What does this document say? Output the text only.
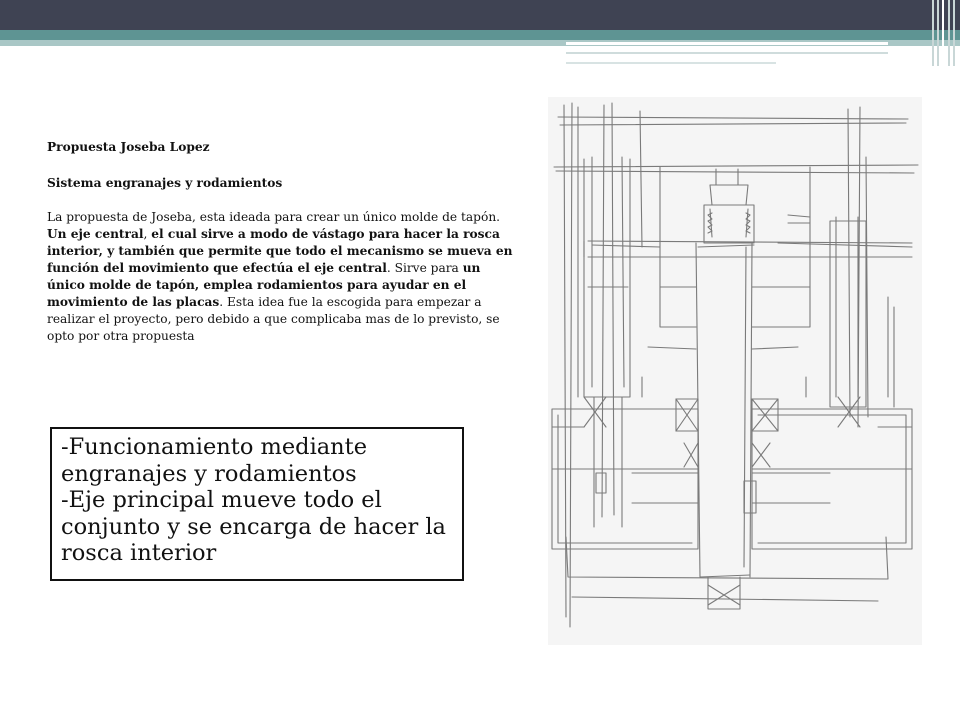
Propuesta Joseba Lopez

Sistema engranajes y rodamientos

La propuesta de Joseba, esta ideada para crear un único molde de tapón. Un eje central, el cual sirve a modo de vástago para hacer la rosca interior, y también que permite que todo el mecanismo se mueva en función del movimiento que efectúa el eje central. Sirve para un único molde de tapón, emplea rodamientos para ayudar en el movimiento de las placas. Esta idea fue la escogida para empezar a realizar el proyecto, pero debido a que complicaba mas de lo previsto, se opto por otra propuesta

-Funcionamiento mediante engranajes y rodamientos

-Eje principal mueve todo el conjunto y se encarga de hacer la rosca interior
